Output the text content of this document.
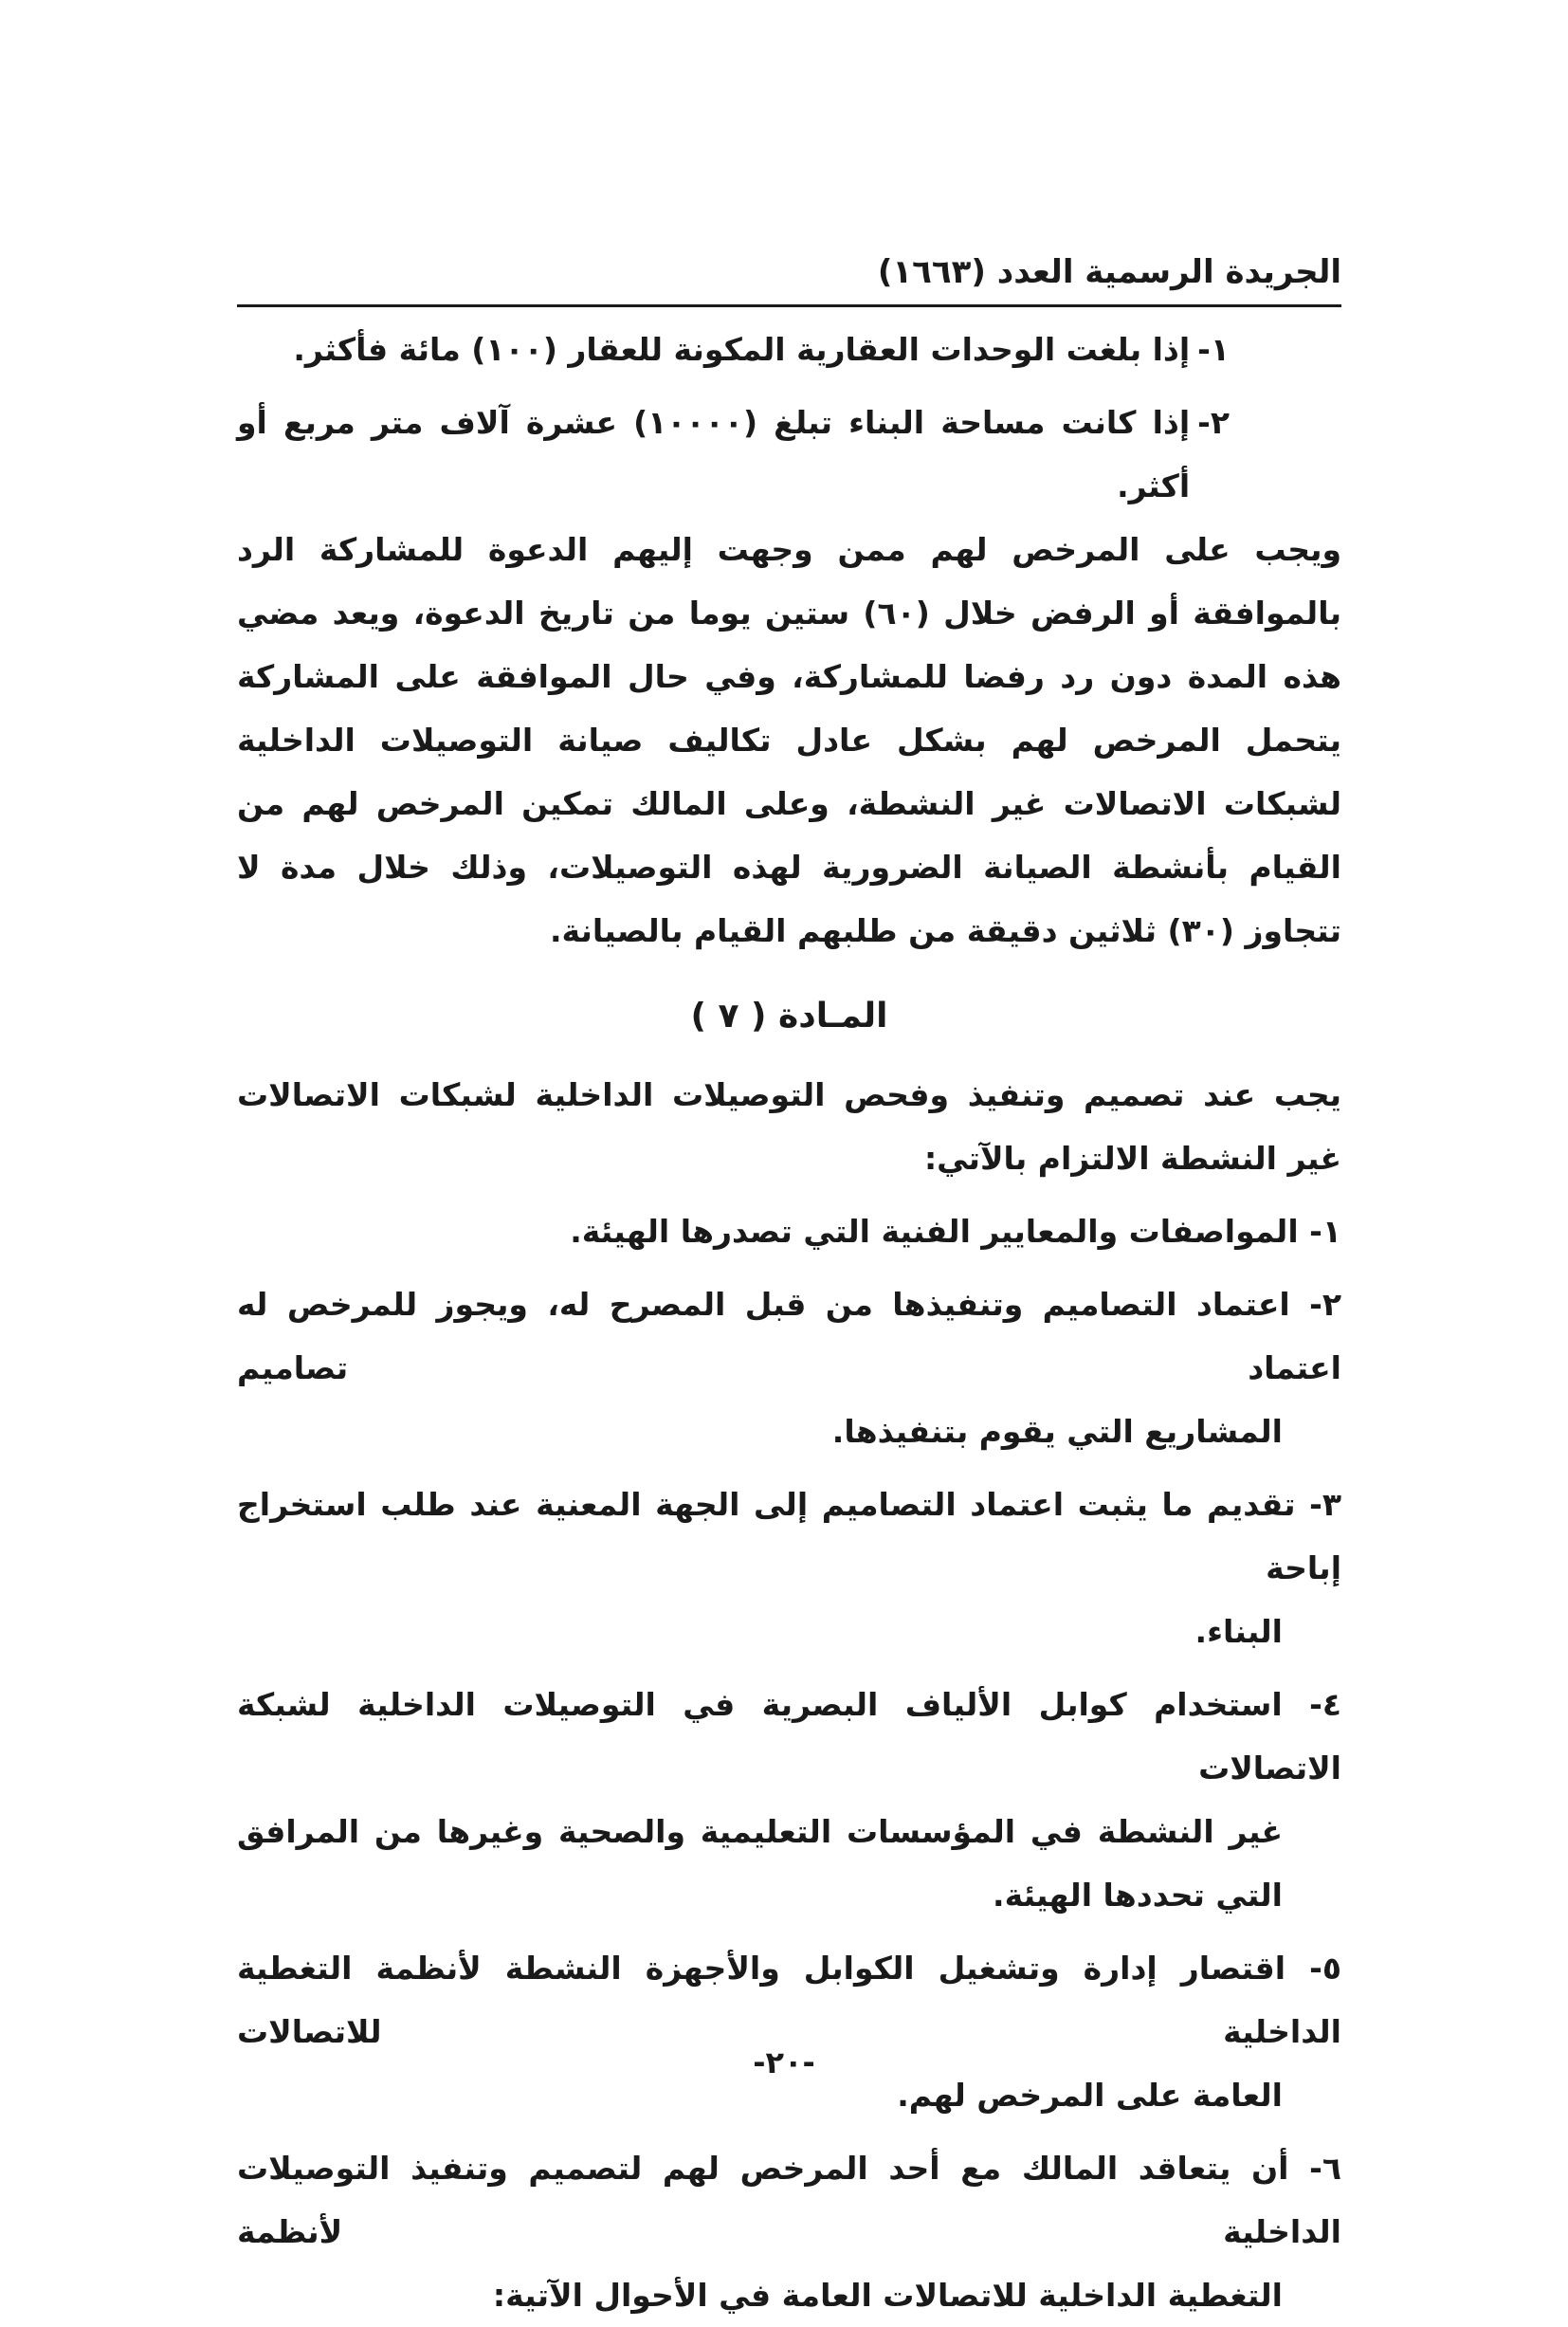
الجريدة الرسمية العدد (١٦٦٣)
١-
إذا بلغت الوحدات العقارية المكونة للعقار (١٠٠) مائة فأكثر.
٢-
إذا كانت مساحة البناء تبلغ (١٠٠٠٠) عشرة آلاف متر مربع أو أكثر.

ويجب على المرخص لهم ممن وجهت إليهم الدعوة للمشاركة الرد بالموافقة أو الرفض خلال (٦٠) ستين يوما من تاريخ الدعوة، ويعد مضي هذه المدة دون رد رفضا للمشاركة، وفي حال الموافقة على المشاركة يتحمل المرخص لهم بشكل عادل تكاليف صيانة التوصيلات الداخلية لشبكات الاتصالات غير النشطة، وعلى المالك تمكين المرخص لهم من القيام بأنشطة الصيانة الضرورية لهذه التوصيلات، وذلك خلال مدة لا تتجاوز (٣٠) ثلاثين دقيقة من طلبهم القيام بالصيانة.

المـادة ( ٧ )

يجب عند تصميم وتنفيذ وفحص التوصيلات الداخلية لشبكات الاتصالات غير النشطة الالتزام بالآتي:

١- المواصفات والمعايير الفنية التي تصدرها الهيئة.
٢- اعتماد التصاميم وتنفيذها من قبل المصرح له، ويجوز للمرخص له اعتماد تصاميم
المشاريع التي يقوم بتنفيذها.
٣- تقديم ما يثبت اعتماد التصاميم إلى الجهة المعنية عند طلب استخراج إباحة
البناء.
٤- استخدام كوابل الألياف البصرية في التوصيلات الداخلية لشبكة الاتصالات
غير النشطة في المؤسسات التعليمية والصحية وغيرها من المرافق التي تحددها الهيئة.
٥- اقتصار إدارة وتشغيل الكوابل والأجهزة النشطة لأنظمة التغطية الداخلية للاتصالات
العامة على المرخص لهم.
٦- أن يتعاقد المالك مع أحد المرخص لهم لتصميم وتنفيذ التوصيلات الداخلية لأنظمة
التغطية الداخلية للاتصالات العامة في الأحوال الآتية:
-٢٠-
